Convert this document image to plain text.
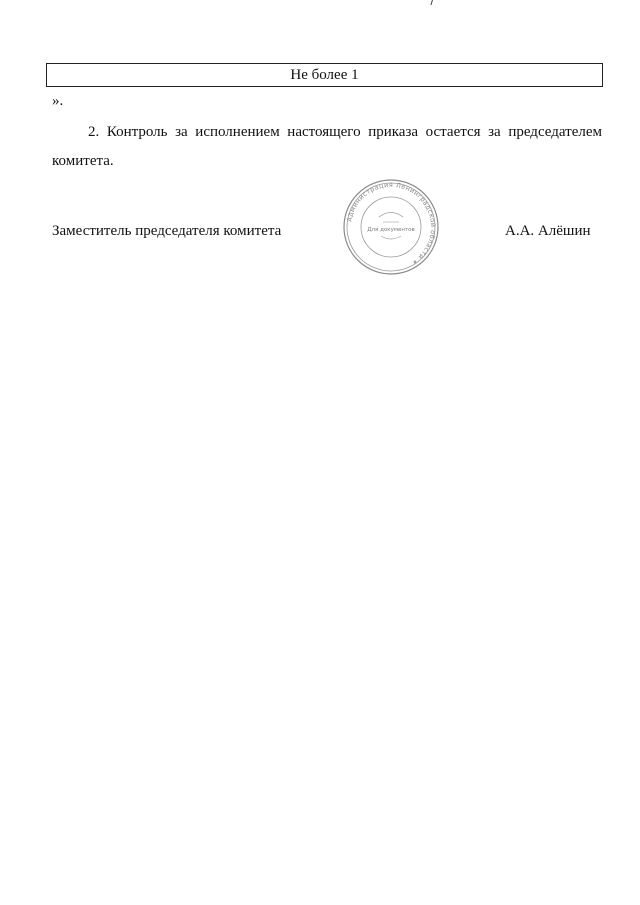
Не более 1
».

2. Контроль за исполнением настоящего приказа остается за председателем комитета.

Заместитель председателя комитета
Администрация Ленинградской области ✶
Для документов	А.А. Алёшин
